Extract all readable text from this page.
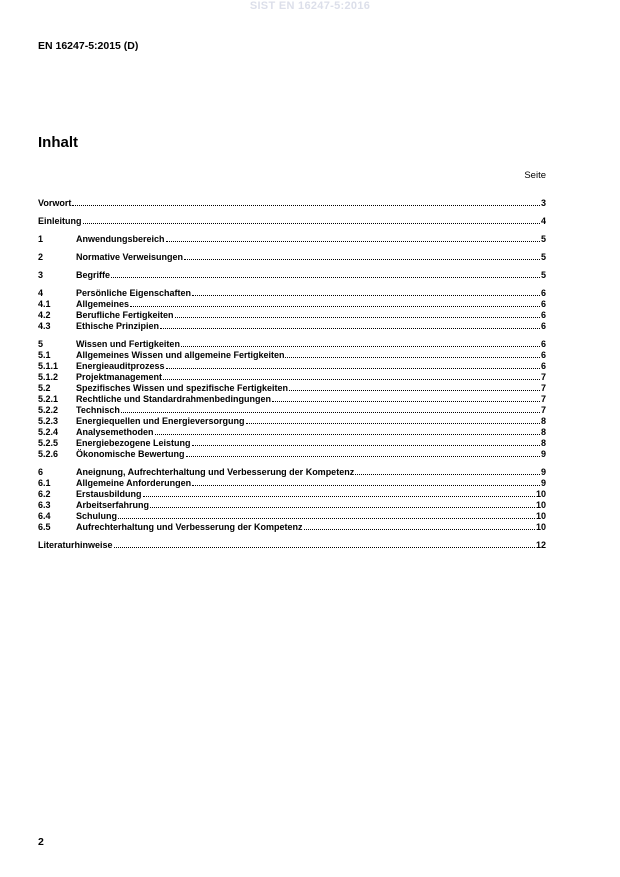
SIST EN 16247-5:2016
EN 16247-5:2015 (D)
Inhalt
Seite
Vorwort	3
Einleitung	4
1	Anwendungsbereich	5
2	Normative Verweisungen	5
3	Begriffe	5
4	Persönliche Eigenschaften	6
4.1	Allgemeines	6
4.2	Berufliche Fertigkeiten	6
4.3	Ethische Prinzipien	6
5	Wissen und Fertigkeiten	6
5.1	Allgemeines Wissen und allgemeine Fertigkeiten	6
5.1.1	Energieauditprozess	6
5.1.2	Projektmanagement	7
5.2	Spezifisches Wissen und spezifische Fertigkeiten	7
5.2.1	Rechtliche und Standardrahmenbedingungen	7
5.2.2	Technisch	7
5.2.3	Energiequellen und Energieversorgung	8
5.2.4	Analysemethoden	8
5.2.5	Energiebezogene Leistung	8
5.2.6	Ökonomische Bewertung	9
6	Aneignung, Aufrechterhaltung und Verbesserung der Kompetenz	9
6.1	Allgemeine Anforderungen	9
6.2	Erstausbildung	10
6.3	Arbeitserfahrung	10
6.4	Schulung	10
6.5	Aufrechterhaltung und Verbesserung der Kompetenz	10
Literaturhinweise	12
2
